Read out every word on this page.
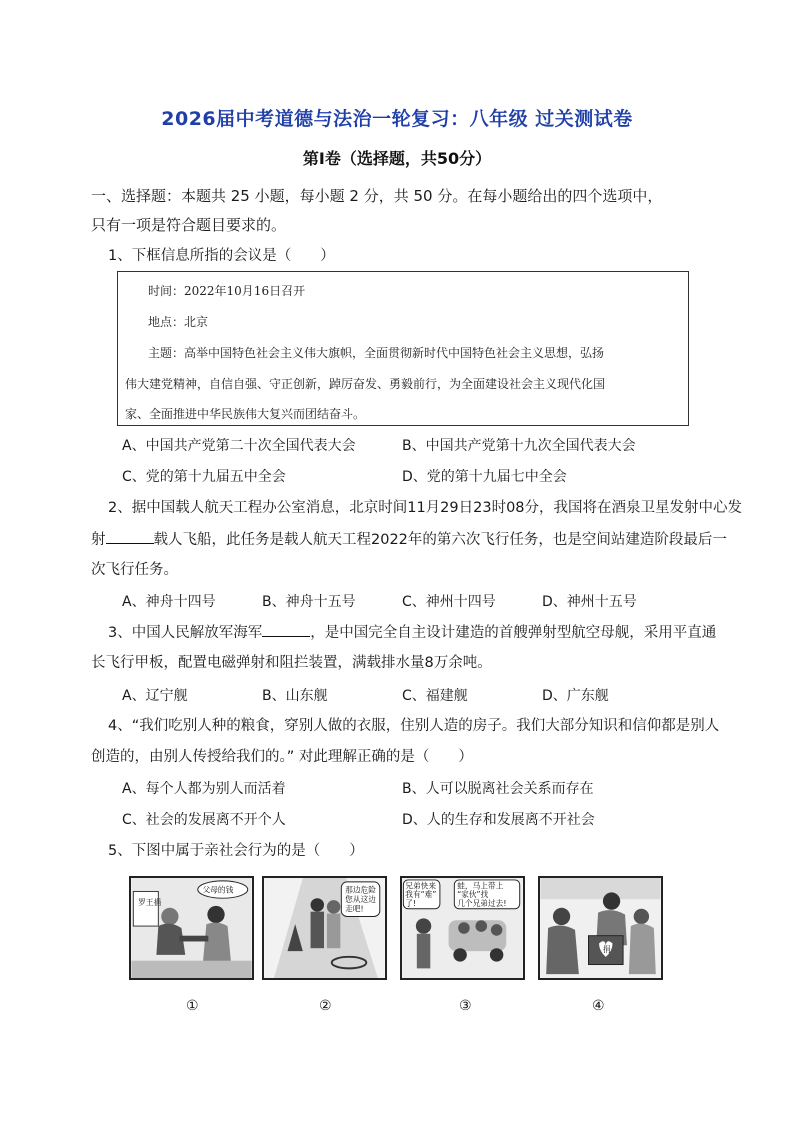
2026届中考道德与法治一轮复习：八年级 过关测试卷
第Ⅰ卷（选择题，共50分）
一、选择题：本题共 25 小题，每小题 2 分，共 50 分。在每小题给出的四个选项中，
只有一项是符合题目要求的。
1、下框信息所指的会议是（　　）
时间：2022年10月16日召开
地点：北京
主题：高举中国特色社会主义伟大旗帜，全面贯彻新时代中国特色社会主义思想，弘扬
伟大建党精神，自信自强、守正创新，踔厉奋发、勇毅前行，为全面建设社会主义现代化国
家、全面推进中华民族伟大复兴而团结奋斗。
A、中国共产党第二十次全国代表大会	B、中国共产党第十九次全国代表大会
C、党的第十九届五中全会	D、党的第十九届七中全会
2、据中国载人航天工程办公室消息，北京时间11月29日23时08分，我国将在酒泉卫星发射中心发
射	载人飞船，此任务是载人航天工程2022年的第六次飞行任务，也是空间站建造阶段最后一
次飞行任务。
A、神舟十四号	B、神舟十五号	C、神州十四号	D、神州十五号
3、中国人民解放军海军	，是中国完全自主设计建造的首艘弹射型航空母舰，采用平直通
长飞行甲板，配置电磁弹射和阻拦装置，满载排水量8万余吨。
A、辽宁舰	B、山东舰	C、福建舰	D、广东舰
4、“我们吃别人种的粮食，穿别人做的衣服，住别人造的房子。我们大部分知识和信仰都是别人
创造的，由别人传授给我们的。” 对此理解正确的是（　　）
A、每个人都为别人而活着	B、人可以脱离社会关系而存在
C、社会的发展离不开个人	D、人的生存和发展离不开社会
5、下图中属于亲社会行为的是（　　）
罗王捐
父母的钱	那边危险
您从这边
走吧!
兄弟快来
我有“难”
了!
蛙，马上带上
“家伙”找
几个兄弟过去!
捐
①	②	③	④
